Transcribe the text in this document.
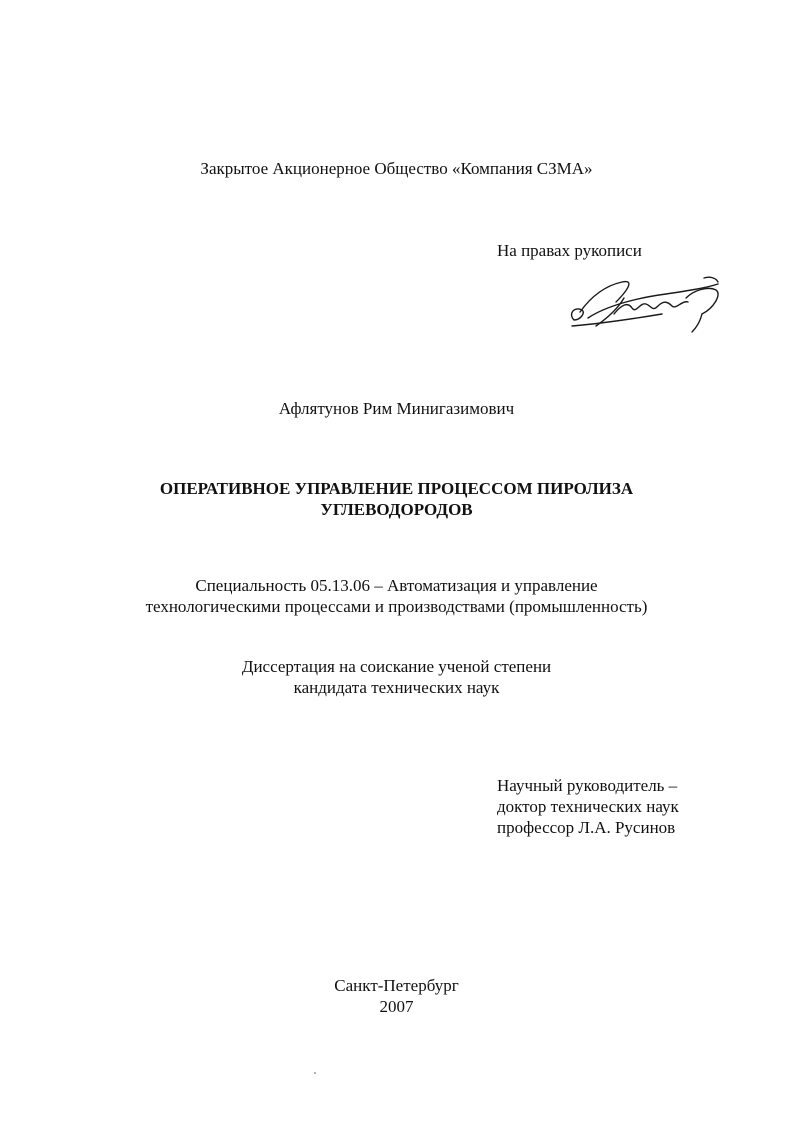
Закрытое Акционерное Общество «Компания СЗМА»
На правах рукописи
Афлятунов Рим Минигазимович
ОПЕРАТИВНОЕ УПРАВЛЕНИЕ ПРОЦЕССОМ ПИРОЛИЗА
УГЛЕВОДОРОДОВ
Специальность 05.13.06 – Автоматизация и управление
технологическими процессами и производствами (промышленность)
Диссертация на соискание ученой степени
кандидата технических наук
Научный руководитель –
доктор технических наук
профессор Л.А. Русинов
Санкт-Петербург
2007
